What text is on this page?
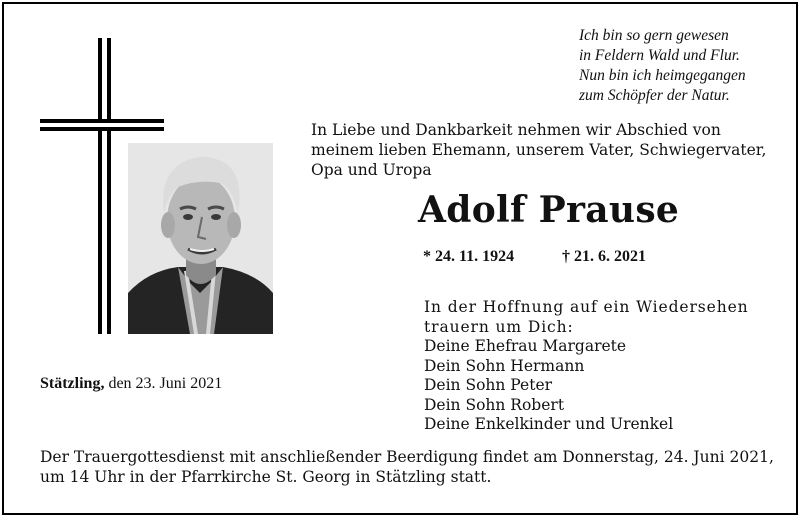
Ich bin so gern gewesen
in Feldern Wald und Flur.
Nun bin ich heimgegangen
zum Schöpfer der Natur.
In Liebe und Dankbarkeit nehmen wir Abschied von
meinem lieben Ehemann, unserem Vater, Schwiegervater,
Opa und Uropa
Adolf Prause
* 24. 11. 1924	† 21. 6. 2021
In der Hoffnung auf ein Wiedersehen
trauern um Dich:
Deine Ehefrau Margarete
Dein Sohn Hermann
Dein Sohn Peter
Dein Sohn Robert
Deine Enkelkinder und Urenkel
Stätzling, den 23. Juni 2021
Der Trauergottesdienst mit anschließender Beerdigung findet am Donnerstag, 24. Juni 2021,
um 14 Uhr in der Pfarrkirche St. Georg in Stätzling statt.
